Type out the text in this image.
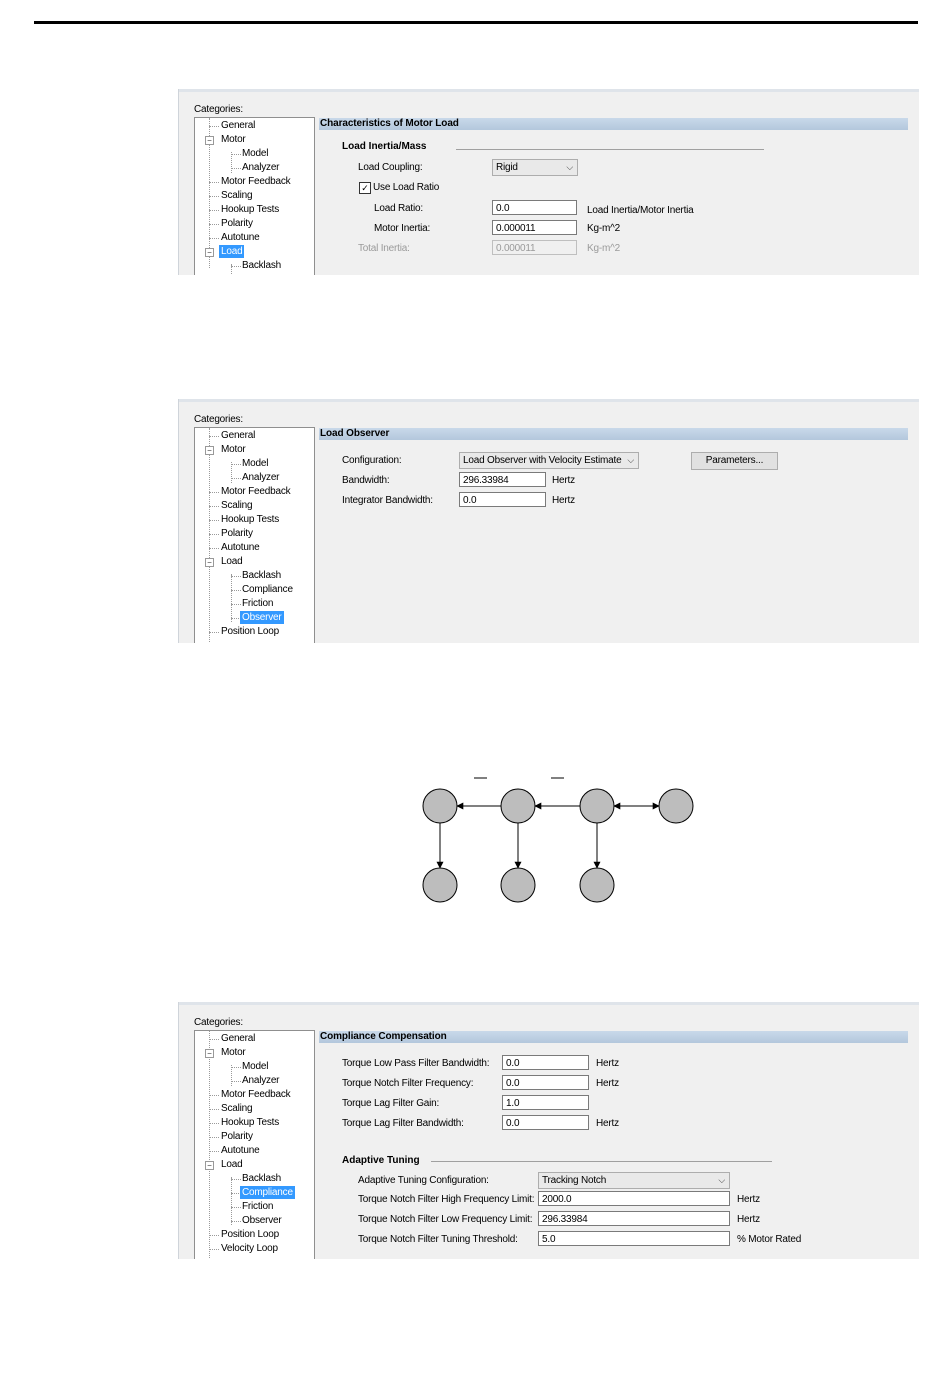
Categories:
−
−
General
Motor
Model
Analyzer
Motor Feedback
Scaling
Hookup Tests
Polarity
Autotune
Load
Backlash
Characteristics of Motor Load
Load Inertia/Mass
Load Coupling:	Rigid	⌵
✓ Use Load Ratio
Load Ratio:	0.0	Load Inertia/Motor Inertia
Motor Inertia:	0.000011	Kg-m^2
Total Inertia:	0.000011	Kg-m^2
Categories:
−
−
General
Motor
Model
Analyzer
Motor Feedback
Scaling
Hookup Tests
Polarity
Autotune
Load
Backlash
Compliance
Friction
Observer
Position Loop
Load Observer
Configuration:	Load Observer with Velocity Estimate ⌵	Parameters...
Bandwidth:	296.33984	Hertz
Integrator Bandwidth:	0.0	Hertz
Categories:
−
−
General
Motor
Model
Analyzer
Motor Feedback
Scaling
Hookup Tests
Polarity
Autotune
Load
Backlash
Compliance
Friction
Observer
Position Loop
Velocity Loop
Compliance Compensation
Torque Low Pass Filter Bandwidth:	0.0	Hertz
Torque Notch Filter Frequency:	0.0	Hertz
Torque Lag Filter Gain:	1.0
Torque Lag Filter Bandwidth:	0.0	Hertz
Adaptive Tuning
Adaptive Tuning Configuration:	Tracking Notch	⌵
Torque Notch Filter High Frequency Limit: 2000.0	Hertz
Torque Notch Filter Low Frequency Limit: 296.33984	Hertz
Torque Notch Filter Tuning Threshold:	5.0	% Motor Rated
